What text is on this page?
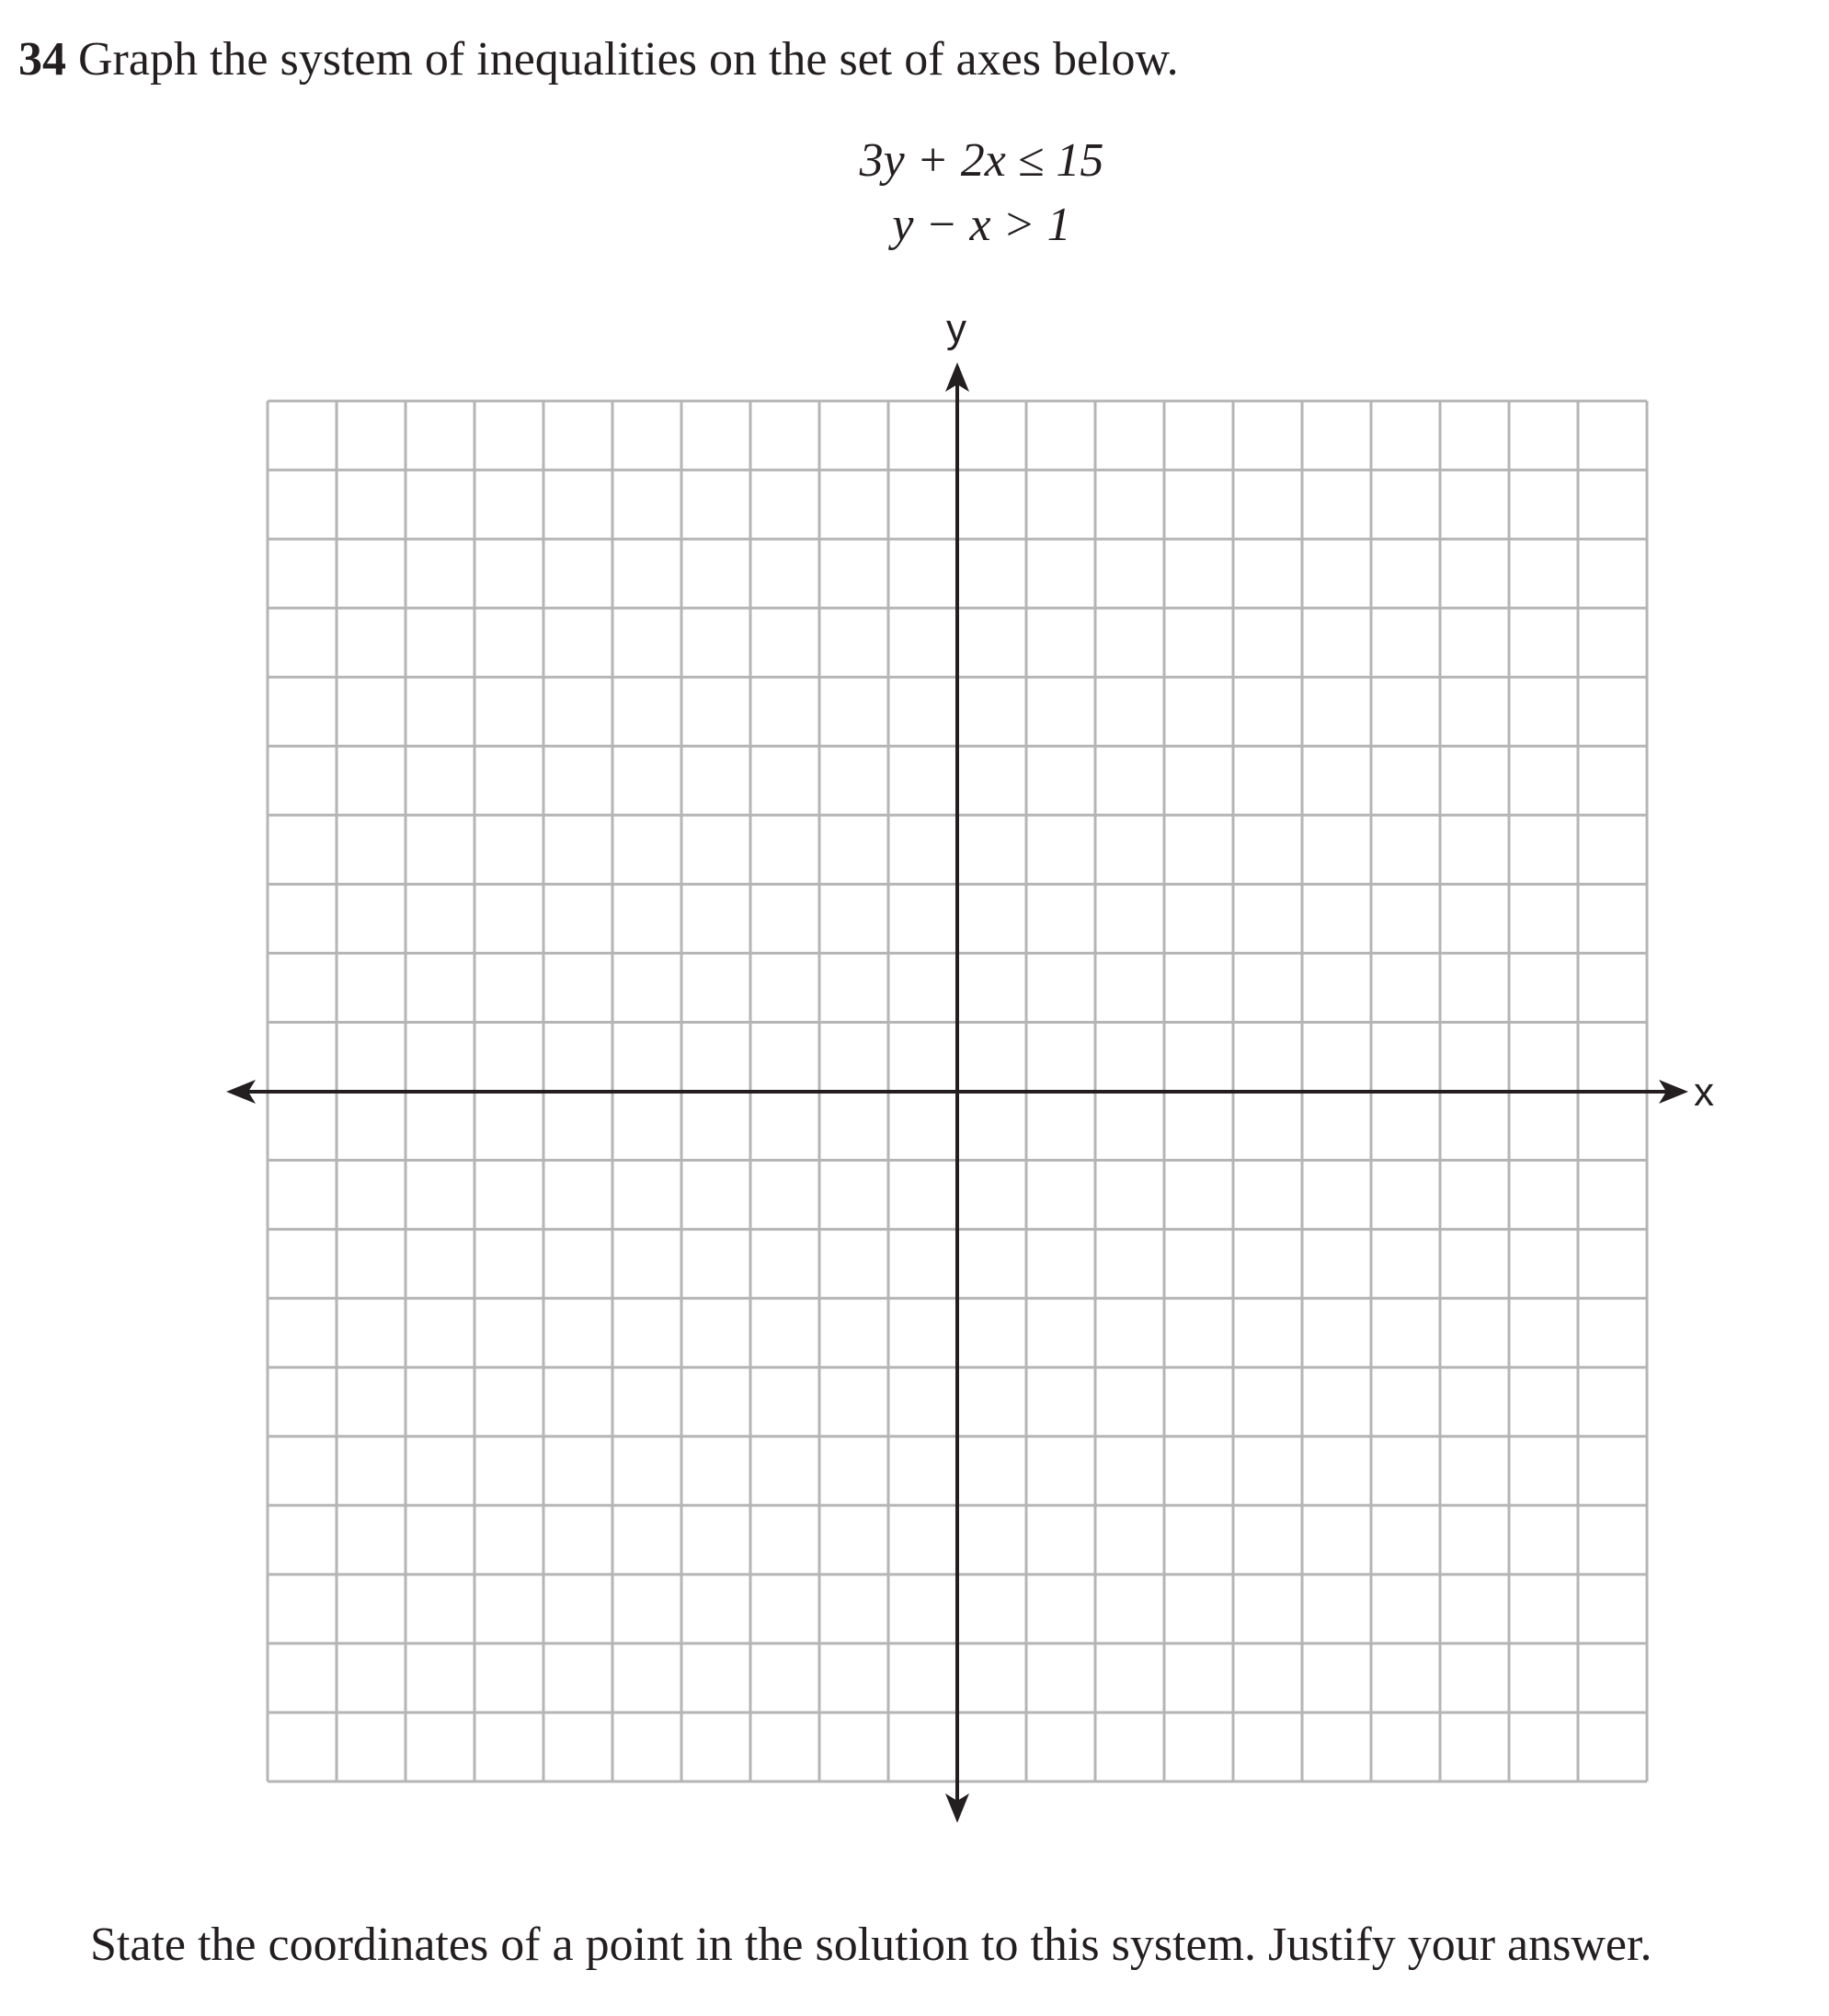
34 Graph the system of inequalities on the set of axes below.
3y + 2x ≤ 15
y − x > 1
x
y
State the coordinates of a point in the solution to this system. Justify your answer.
